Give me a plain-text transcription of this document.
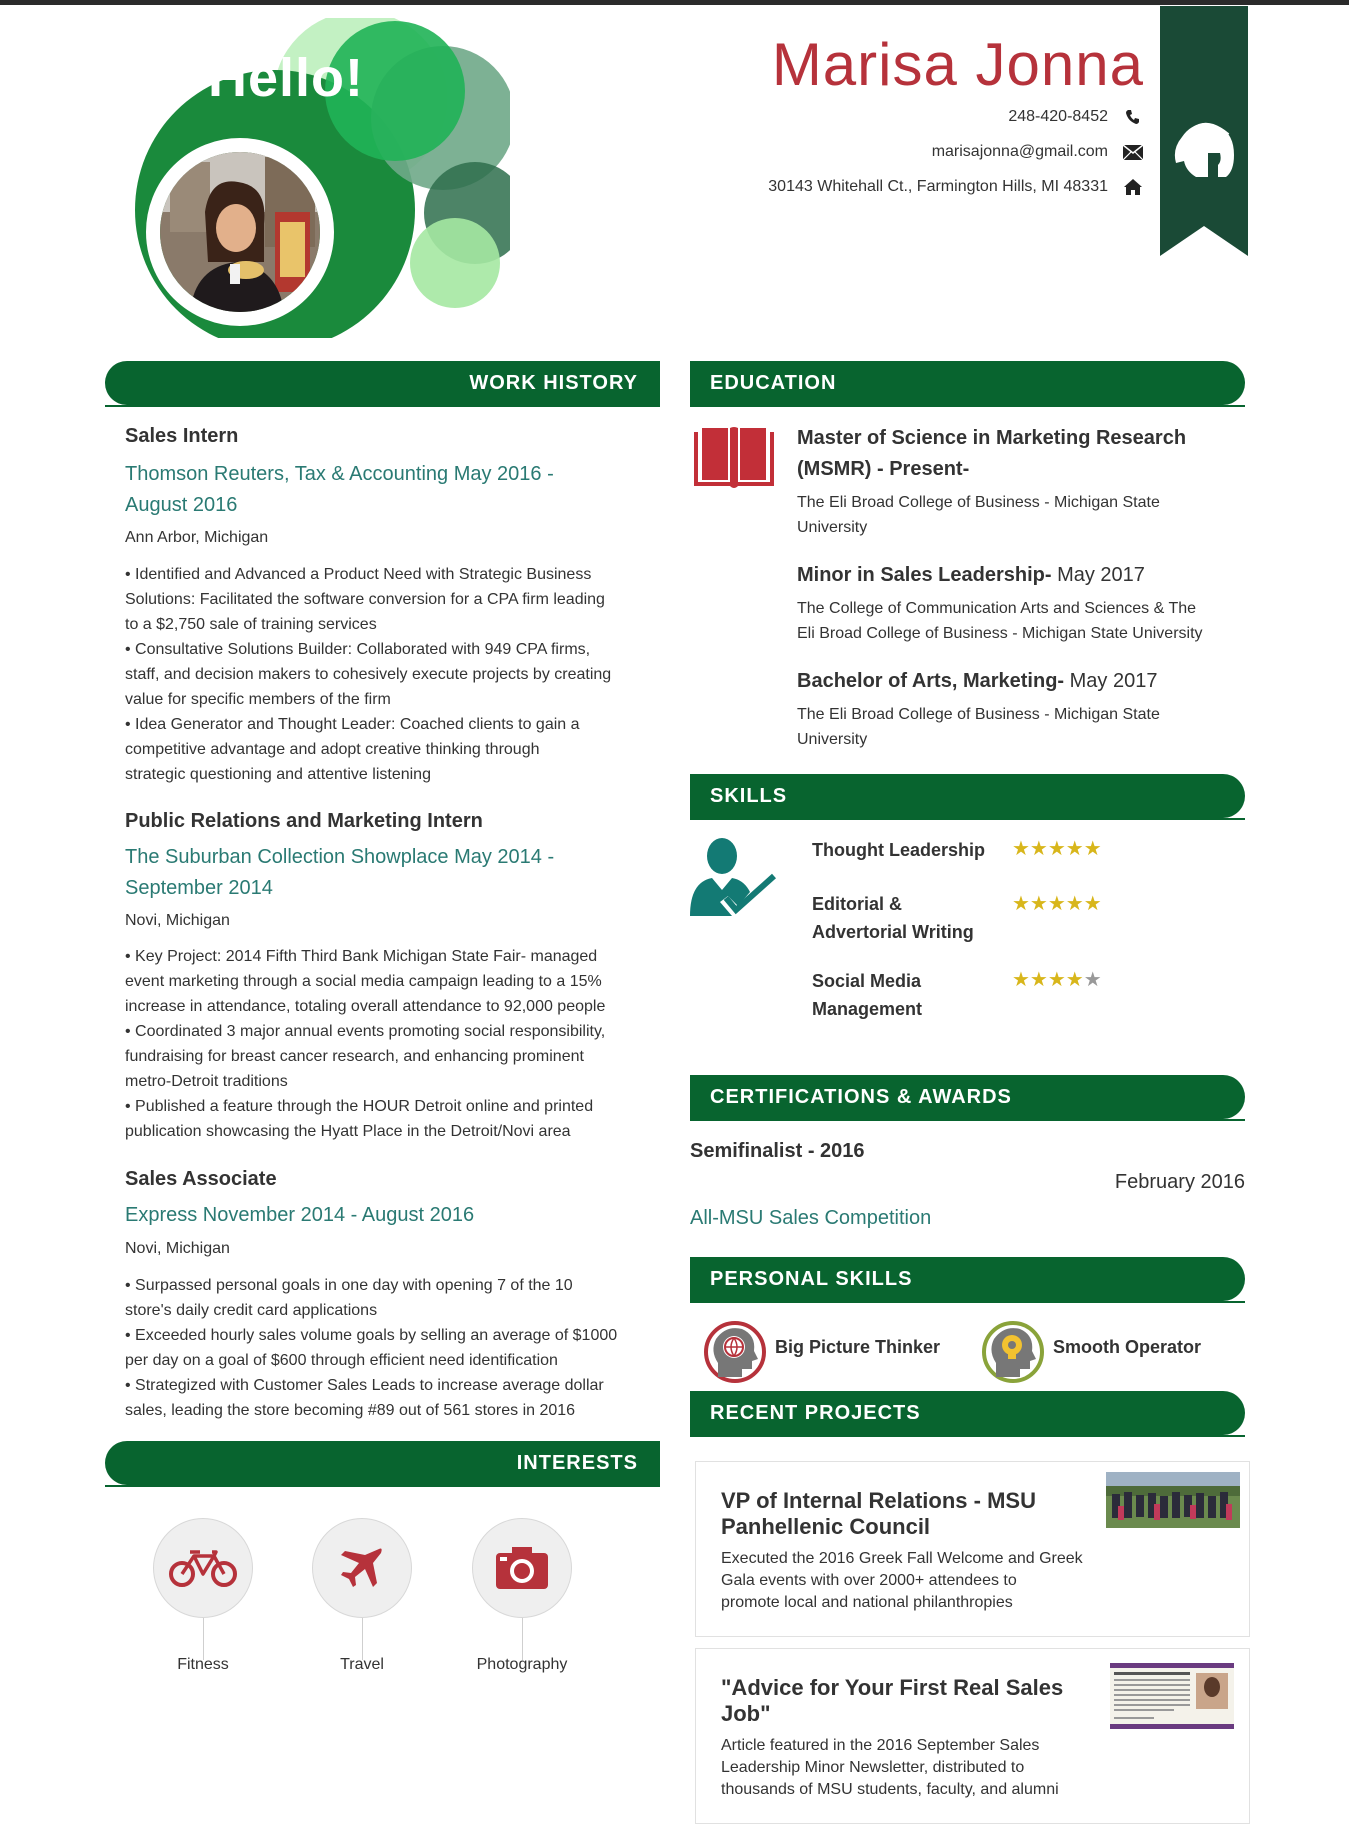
Hello!	Marisa Jonna
248-420-8452
marisajonna@gmail.com
30143 Whitehall Ct., Farmington Hills, MI 48331
WORK HISTORY
Sales Intern
Thomson Reuters, Tax & Accounting May 2016 -
August 2016
Ann Arbor, Michigan
• Identified and Advanced a Product Need with Strategic Business
Solutions: Facilitated the software conversion for a CPA firm leading
to a $2,750 sale of training services
• Consultative Solutions Builder: Collaborated with 949 CPA firms,
staff, and decision makers to cohesively execute projects by creating
value for specific members of the firm
• Idea Generator and Thought Leader: Coached clients to gain a
competitive advantage and adopt creative thinking through
strategic questioning and attentive listening
Public Relations and Marketing Intern
The Suburban Collection Showplace May 2014 -
September 2014
Novi, Michigan
• Key Project: 2014 Fifth Third Bank Michigan State Fair- managed
event marketing through a social media campaign leading to a 15%
increase in attendance, totaling overall attendance to 92,000 people
• Coordinated 3 major annual events promoting social responsibility,
fundraising for breast cancer research, and enhancing prominent
metro-Detroit traditions
• Published a feature through the HOUR Detroit online and printed
publication showcasing the Hyatt Place in the Detroit/Novi area
Sales Associate
Express November 2014 - August 2016
Novi, Michigan
• Surpassed personal goals in one day with opening 7 of the 10
store's daily credit card applications
• Exceeded hourly sales volume goals by selling an average of $1000
per day on a goal of $600 through efficient need identification
• Strategized with Customer Sales Leads to increase average dollar
sales, leading the store becoming #89 out of 561 stores in 2016
INTERESTS
Fitness	Travel	Photography
EDUCATION
Master of Science in Marketing Research
(MSMR) - Present-
The Eli Broad College of Business - Michigan State
University
Minor in Sales Leadership- May 2017
The College of Communication Arts and Sciences & The
Eli Broad College of Business - Michigan State University
Bachelor of Arts, Marketing- May 2017
The Eli Broad College of Business - Michigan State
University
SKILLS
Thought Leadership ★★★★★
Editorial &
Advertorial Writing
★★★★★
Social Media
Management
★★★★★
CERTIFICATIONS & AWARDS
Semifinalist - 2016
February 2016
All-MSU Sales Competition
PERSONAL SKILLS
Big Picture Thinker	Smooth Operator
RECENT PROJECTS
VP of Internal Relations - MSU
Panhellenic Council
Executed the 2016 Greek Fall Welcome and Greek
Gala events with over 2000+ attendees to
promote local and national philanthropies
"Advice for Your First Real Sales
Job"
Article featured in the 2016 September Sales
Leadership Minor Newsletter, distributed to
thousands of MSU students, faculty, and alumni
